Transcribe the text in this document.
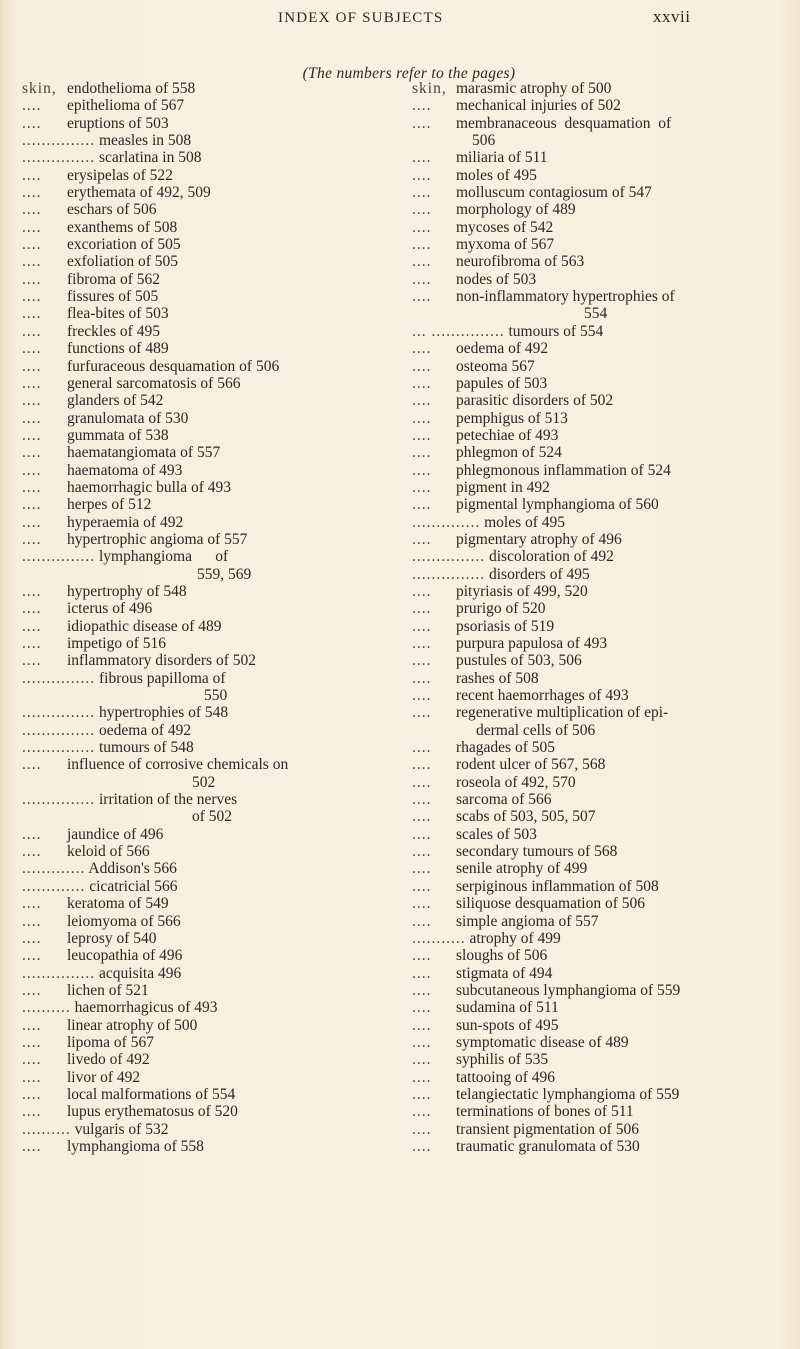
INDEX OF SUBJECTS	xxvii
(The numbers refer to the pages)
skin, endothelioma of 558
.... epithelioma of 567
.... eruptions of 503
............... measles in 508
............... scarlatina in 508
.... erysipelas of 522
.... erythemata of 492, 509
.... eschars of 506
.... exanthems of 508
.... excoriation of 505
.... exfoliation of 505
.... fibroma of 562
.... fissures of 505
.... flea-bites of 503
.... freckles of 495
.... functions of 489
.... furfuraceous desquamation of 506
.... general sarcomatosis of 566
.... glanders of 542
.... granulomata of 530
.... gummata of 538
.... haematangiomata of 557
.... haematoma of 493
.... haemorrhagic bulla of 493
.... herpes of 512
.... hyperaemia of 492
.... hypertrophic angioma of 557
............... lymphangioma      of
559, 569
.... hypertrophy of 548
.... icterus of 496
.... idiopathic disease of 489
.... impetigo of 516
.... inflammatory disorders of 502
............... fibrous papilloma of
550
............... hypertrophies of 548
............... oedema of 492
............... tumours of 548
.... influence of corrosive chemicals on
502
............... irritation of the nerves
of 502
.... jaundice of 496
.... keloid of 566
............. Addison's 566
............. cicatricial 566
.... keratoma of 549
.... leiomyoma of 566
.... leprosy of 540
.... leucopathia of 496
............... acquisita 496
.... lichen of 521
.......... haemorrhagicus of 493
.... linear atrophy of 500
.... lipoma of 567
.... livedo of 492
.... livor of 492
.... local malformations of 554
.... lupus erythematosus of 520
.......... vulgaris of 532
.... lymphangioma of 558
skin, marasmic atrophy of 500
.... mechanical injuries of 502
.... membranaceous  desquamation  of
506
.... miliaria of 511
.... moles of 495
.... molluscum contagiosum of 547
.... morphology of 489
.... mycoses of 542
.... myxoma of 567
.... neurofibroma of 563
.... nodes of 503
.... non-inflammatory hypertrophies of
554
... ............... tumours of 554
.... oedema of 492
.... osteoma 567
.... papules of 503
.... parasitic disorders of 502
.... pemphigus of 513
.... petechiae of 493
.... phlegmon of 524
.... phlegmonous inflammation of 524
.... pigment in 492
.... pigmental lymphangioma of 560
.............. moles of 495
.... pigmentary atrophy of 496
............... discoloration of 492
............... disorders of 495
.... pityriasis of 499, 520
.... prurigo of 520
.... psoriasis of 519
.... purpura papulosa of 493
.... pustules of 503, 506
.... rashes of 508
.... recent haemorrhages of 493
.... regenerative multiplication of epi-
dermal cells of 506
.... rhagades of 505
.... rodent ulcer of 567, 568
.... roseola of 492, 570
.... sarcoma of 566
.... scabs of 503, 505, 507
.... scales of 503
.... secondary tumours of 568
.... senile atrophy of 499
.... serpiginous inflammation of 508
.... siliquose desquamation of 506
.... simple angioma of 557
........... atrophy of 499
.... sloughs of 506
.... stigmata of 494
.... subcutaneous lymphangioma of 559
.... sudamina of 511
.... sun-spots of 495
.... symptomatic disease of 489
.... syphilis of 535
.... tattooing of 496
.... telangiectatic lymphangioma of 559
.... terminations of bones of 511
.... transient pigmentation of 506
.... traumatic granulomata of 530
